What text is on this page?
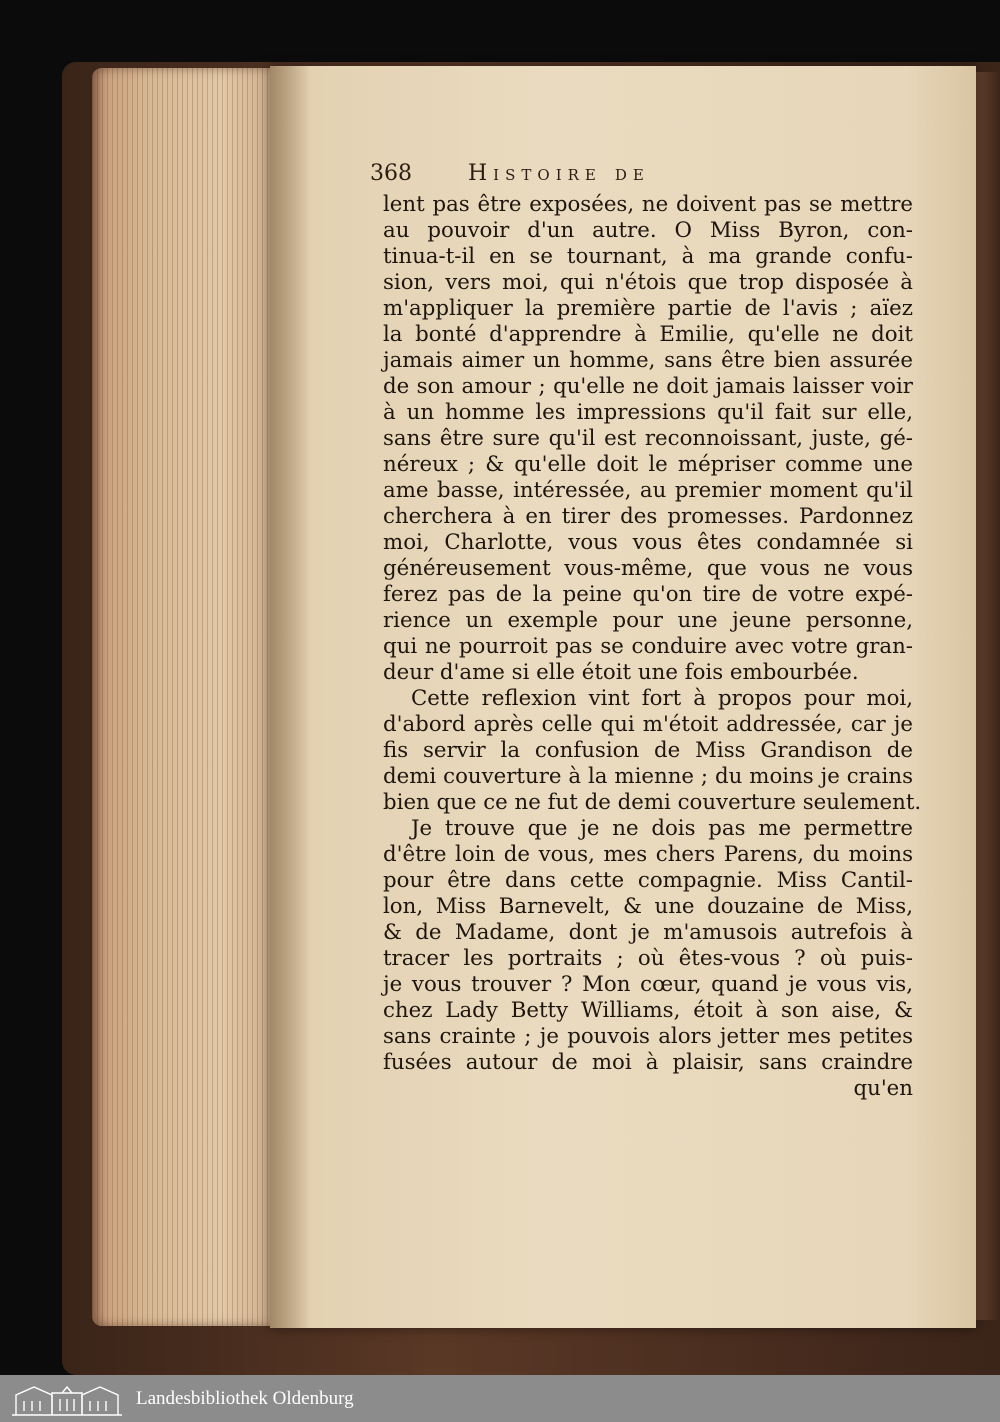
368	Histoire de
lent pas être exposées, ne doivent pas se mettre
au pouvoir d'un autre. O Miss Byron, con-
tinua-t-il en se tournant, à ma grande confu-
sion, vers moi, qui n'étois que trop disposée à
m'appliquer la première partie de l'avis ; aïez
la bonté d'apprendre à Emilie, qu'elle ne doit
jamais aimer un homme, sans être bien assurée
de son amour ; qu'elle ne doit jamais laisser voir
à un homme les impressions qu'il fait sur elle,
sans être sure qu'il est reconnoissant, juste, gé-
néreux ; & qu'elle doit le mépriser comme une
ame basse, intéressée, au premier moment qu'il
cherchera à en tirer des promesses. Pardonnez
moi, Charlotte, vous vous êtes condamnée si
généreusement vous-même, que vous ne vous
ferez pas de la peine qu'on tire de votre expé-
rience un exemple pour une jeune personne,
qui ne pourroit pas se conduire avec votre gran-
deur d'ame si elle étoit une fois embourbée.
Cette reflexion vint fort à propos pour moi,
d'abord après celle qui m'étoit addressée, car je
fis servir la confusion de Miss Grandison de
demi couverture à la mienne ; du moins je crains
bien que ce ne fut de demi couverture seulement.
Je trouve que je ne dois pas me permettre
d'être loin de vous, mes chers Parens, du moins
pour être dans cette compagnie. Miss Cantil-
lon, Miss Barnevelt, & une douzaine de Miss,
& de Madame, dont je m'amusois autrefois à
tracer les portraits ; où êtes-vous ? où puis-
je vous trouver ? Mon cœur, quand je vous vis,
chez Lady Betty Williams, étoit à son aise, &
sans crainte ; je pouvois alors jetter mes petites
fusées autour de moi à plaisir, sans craindre
qu'en
Landesbibliothek Oldenburg
